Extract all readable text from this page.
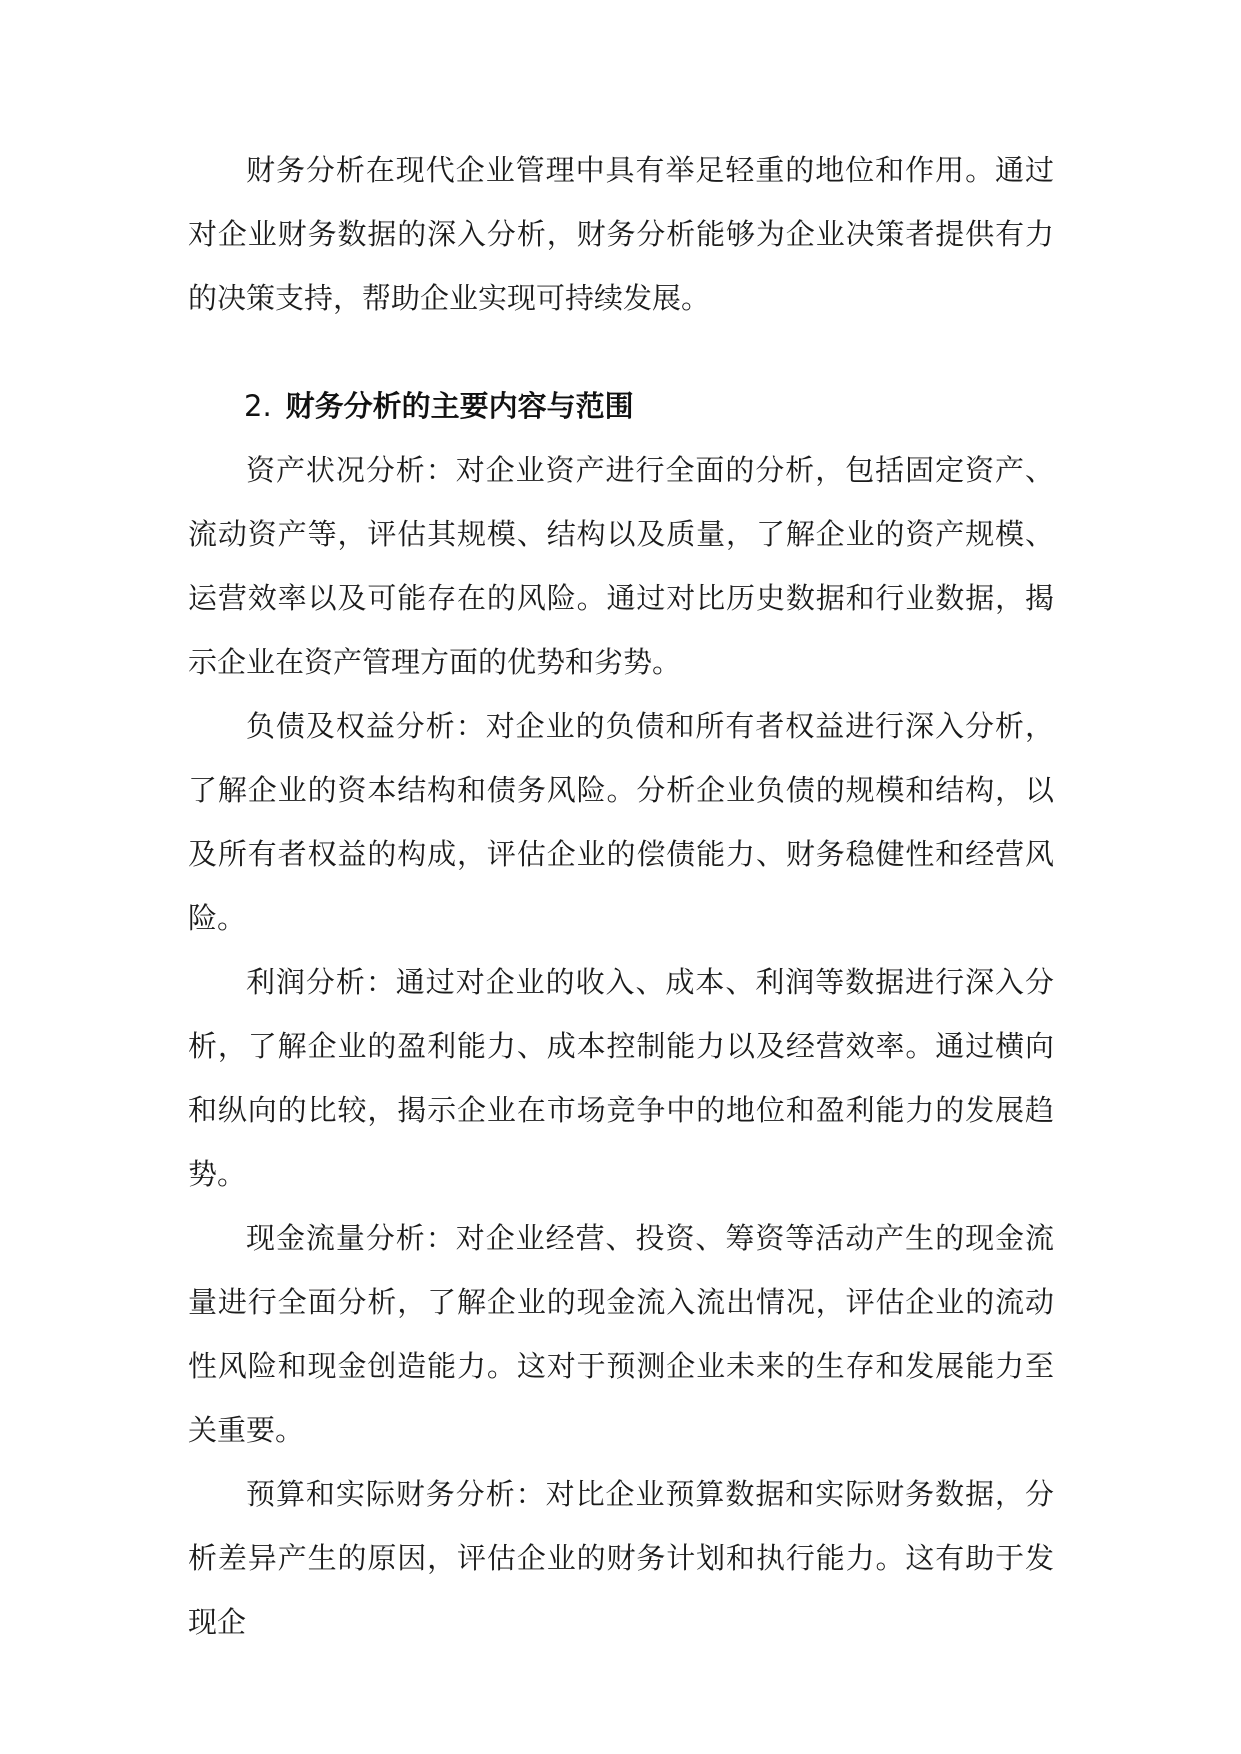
财务分析在现代企业管理中具有举足轻重的地位和作用。通过对企业财务数据的深入分析，财务分析能够为企业决策者提供有力的决策支持，帮助企业实现可持续发展。

2. 财务分析的主要内容与范围

资产状况分析：对企业资产进行全面的分析，包括固定资产、流动资产等，评估其规模、结构以及质量，了解企业的资产规模、运营效率以及可能存在的风险。通过对比历史数据和行业数据，揭示企业在资产管理方面的优势和劣势。

负债及权益分析：对企业的负债和所有者权益进行深入分析，了解企业的资本结构和债务风险。分析企业负债的规模和结构，以及所有者权益的构成，评估企业的偿债能力、财务稳健性和经营风险。

利润分析：通过对企业的收入、成本、利润等数据进行深入分析，了解企业的盈利能力、成本控制能力以及经营效率。通过横向和纵向的比较，揭示企业在市场竞争中的地位和盈利能力的发展趋势。

现金流量分析：对企业经营、投资、筹资等活动产生的现金流量进行全面分析，了解企业的现金流入流出情况，评估企业的流动性风险和现金创造能力。这对于预测企业未来的生存和发展能力至关重要。

预算和实际财务分析：对比企业预算数据和实际财务数据，分析差异产生的原因，评估企业的财务计划和执行能力。这有助于发现企
